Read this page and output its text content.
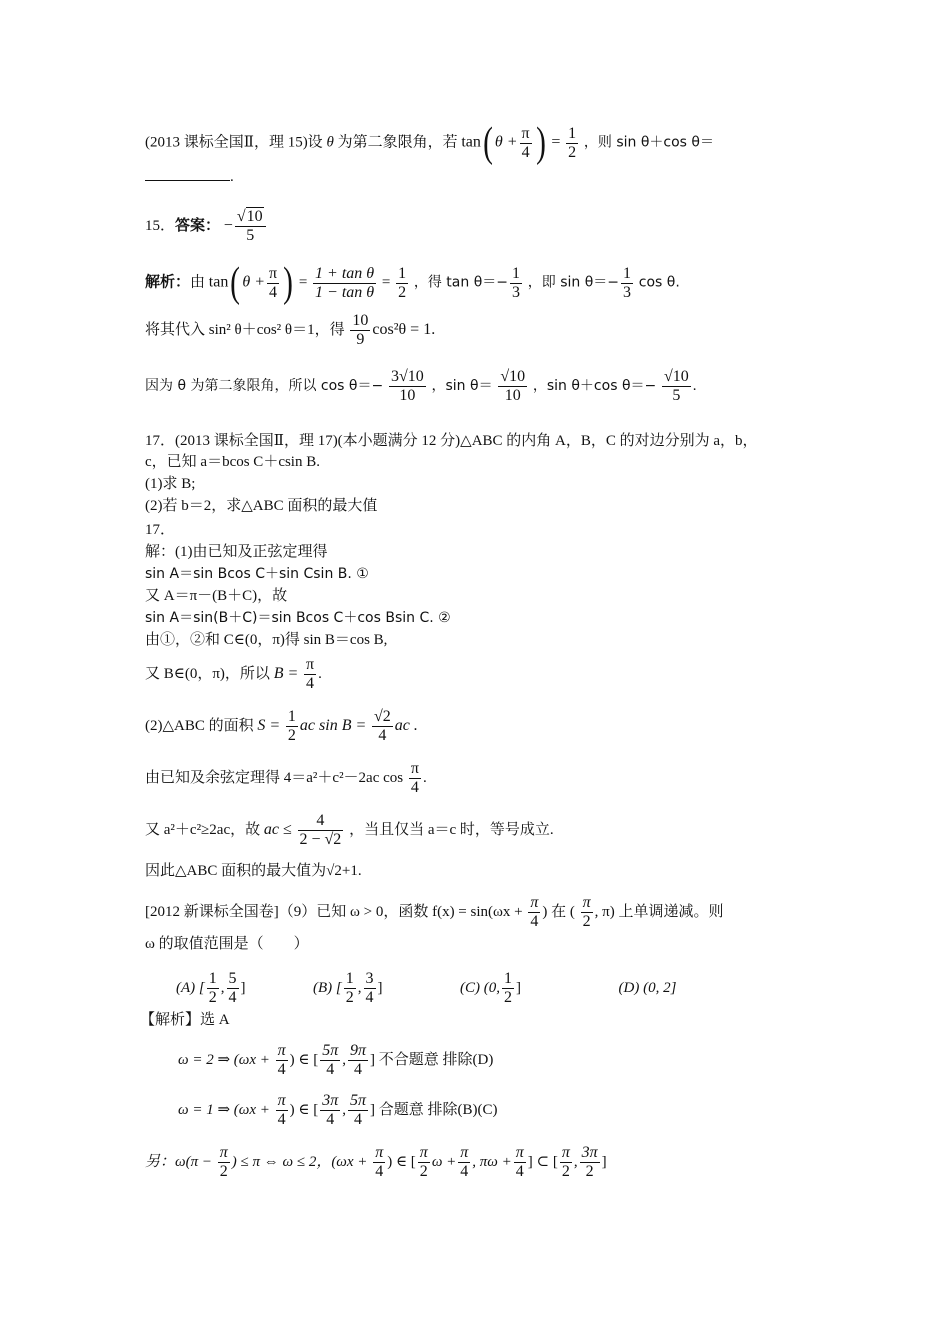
(2013 课标全国Ⅱ，理 15)设 θ 为第二象限角，若 tan( $\theta + \frac{\pi}{4}$ ) = $\frac{1}{2}$ ，则 sin θ＋cos θ＝
.
15．答案： − $\frac{√10}{5}$
解析：由 tan( $\theta + \frac{\pi}{4}$ ) = $\frac{\text{1 + tan θ}}{\text{1 − tan θ}} = \frac{1}{2}$ ，得 $\tan \theta=- \frac{1}{3}$ ，即 $\sin \theta=- \frac{1}{3}$ cos θ.
将其代入 sin² θ＋cos² θ＝1，得 $\frac{10}{9} \cos^2\theta = 1$.
因为 θ 为第二象限角，所以 $\cos \theta=- \frac{3√10}{10}$ ，$\sin \theta= \frac{√10}{10}$ ，sin θ＋cos $\theta=- \frac{√10}{5}$ .
17．(2013 课标全国Ⅱ，理 17)(本小题满分 12 分)△ABC 的内角 A，B，C 的对边分别为 a，b，
c，已知 a＝bcos C＋csin B.
(1)求 B;
(2)若 b＝2，求△ABC 面积的最大值
17．
解：(1)由已知及正弦定理得
sin A＝sin Bcos C＋sin Csin B. ①
又 A＝π－(B＋C)，故
sin A＝sin(B＋C)＝sin Bcos C＋cos Bsin C. ②
由①，②和 C∈(0，π)得 sin B＝cos B,
又 B∈(0，π)，所以 $B = \frac{\pi}{4}$ .
(2)△ABC 的面积 $S = \frac{1}{2}$ ac $\sin B = \frac{√2}{4}$ ac .
由已知及余弦定理得 4＝a²＋c²－2ac $\cos \frac{\pi}{4}$ .
又 a²＋c²≥2ac，故 ac ≤ $\frac{4}{2 - √2}$ ，当且仅当 a＝c 时，等号成立.
因此△ABC 面积的最大值为√2+1.
[2012 新课标全国卷]（9）已知 ω > 0，函数 $f(x) = \sin(\omega x + \frac{\pi}{4}$ ) 在 ( $\frac{\pi}{2}$ , π) 上单调递减。则
ω 的取值范围是（　　）
(A) [ $\frac{1}{2}$ , $\frac{5}{4}$ ]	(B) [ $\frac{1}{2}$ , $\frac{3}{4}$ ]	(C) (0, $\frac{1}{2}$ ]	(D) (0, 2]
【解析】选 A
ω = 2 ⇒ ($\omega x + \frac{\pi}{4}$ ) ∈ [ $\frac{5\pi}{4}$ , $\frac{9\pi}{4}$ ] 不合题意 排除(D)
ω = 1 ⇒ ($\omega x + \frac{\pi}{4}$ ) ∈ [ $\frac{3\pi}{4}$ , $\frac{5\pi}{4}$ ] 合题意 排除(B)(C)
另：$\omega(\pi - \frac{\pi}{2}$ ) ≤ π ⇔ ω ≤ 2，($\omega x + \frac{\pi}{4}$ ) ∈ [ $\frac{\pi}{2}$ $\omega + \frac{\pi}{4}$ , $\pi\omega + \frac{\pi}{4}$ ] ⊂ [ $\frac{\pi}{2}$ , $\frac{3\pi}{2}$ ]
